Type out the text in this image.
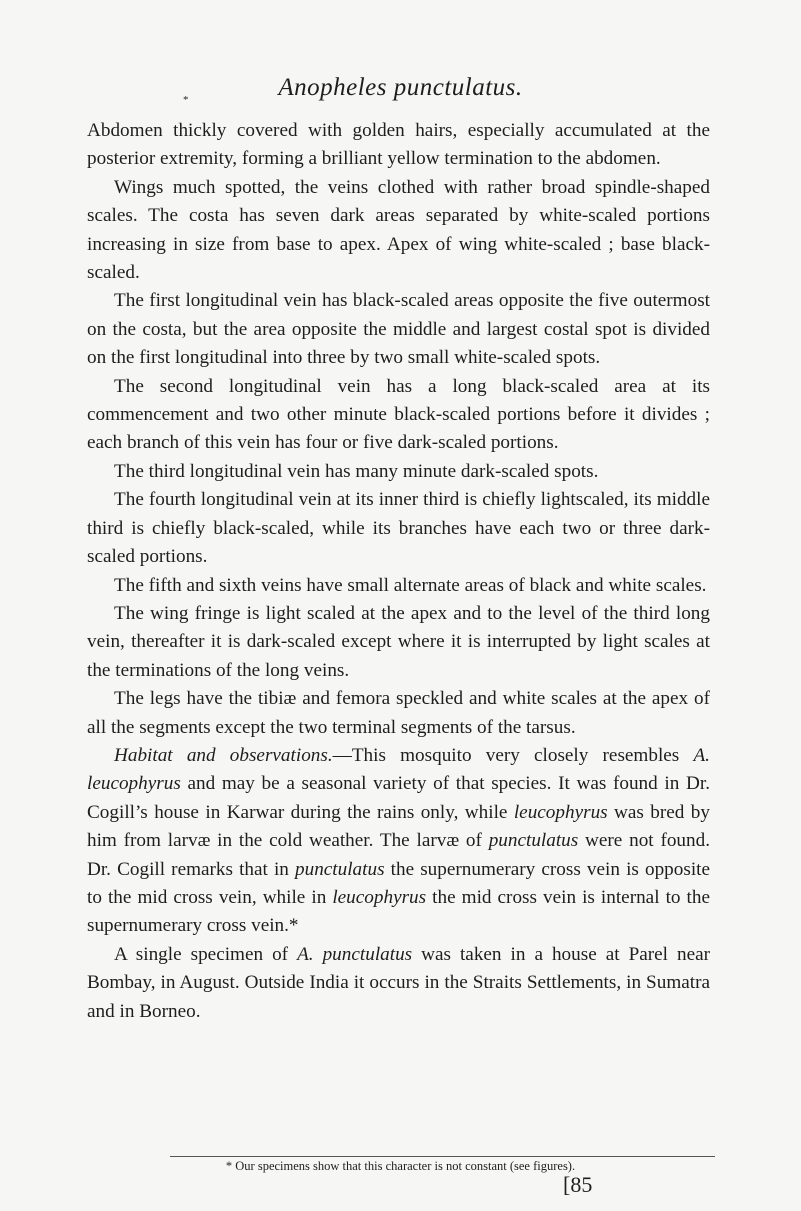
Anopheles punctulatus.
*

Abdomen thickly covered with golden hairs, especially accumulated at the posterior extremity, forming a brilliant yellow termination to the abdomen.

Wings much spotted, the veins clothed with rather broad spindle-shaped scales. The costa has seven dark areas separated by white-scaled portions increasing in size from base to apex. Apex of wing white-scaled ; base black-scaled.

The first longitudinal vein has black-scaled areas opposite the five outermost on the costa, but the area opposite the middle and largest costal spot is divided on the first longitudinal into three by two small white-scaled spots.

The second longitudinal vein has a long black-scaled area at its commencement and two other minute black-scaled portions before it divides ; each branch of this vein has four or five dark-scaled portions.

The third longitudinal vein has many minute dark-scaled spots.

The fourth longitudinal vein at its inner third is chiefly lightscaled, its middle third is chiefly black-scaled, while its branches have each two or three dark-scaled portions.

The fifth and sixth veins have small alternate areas of black and white scales.

The wing fringe is light scaled at the apex and to the level of the third long vein, thereafter it is dark-scaled except where it is interrupted by light scales at the terminations of the long veins.

The legs have the tibiæ and femora speckled and white scales at the apex of all the segments except the two terminal segments of the tarsus.

Habitat and observations.—This mosquito very closely resembles A. leucophyrus and may be a seasonal variety of that species. It was found in Dr. Cogill’s house in Karwar during the rains only, while leucophyrus was bred by him from larvæ in the cold weather. The larvæ of punctulatus were not found. Dr. Cogill remarks that in punctulatus the supernumerary cross vein is opposite to the mid cross vein, while in leucophyrus the mid cross vein is internal to the supernumerary cross vein.*

A single specimen of A. punctulatus was taken in a house at Parel near Bombay, in August. Outside India it occurs in the Straits Settlements, in Sumatra and in Borneo.

* Our specimens show that this character is not constant (see figures).
[85
